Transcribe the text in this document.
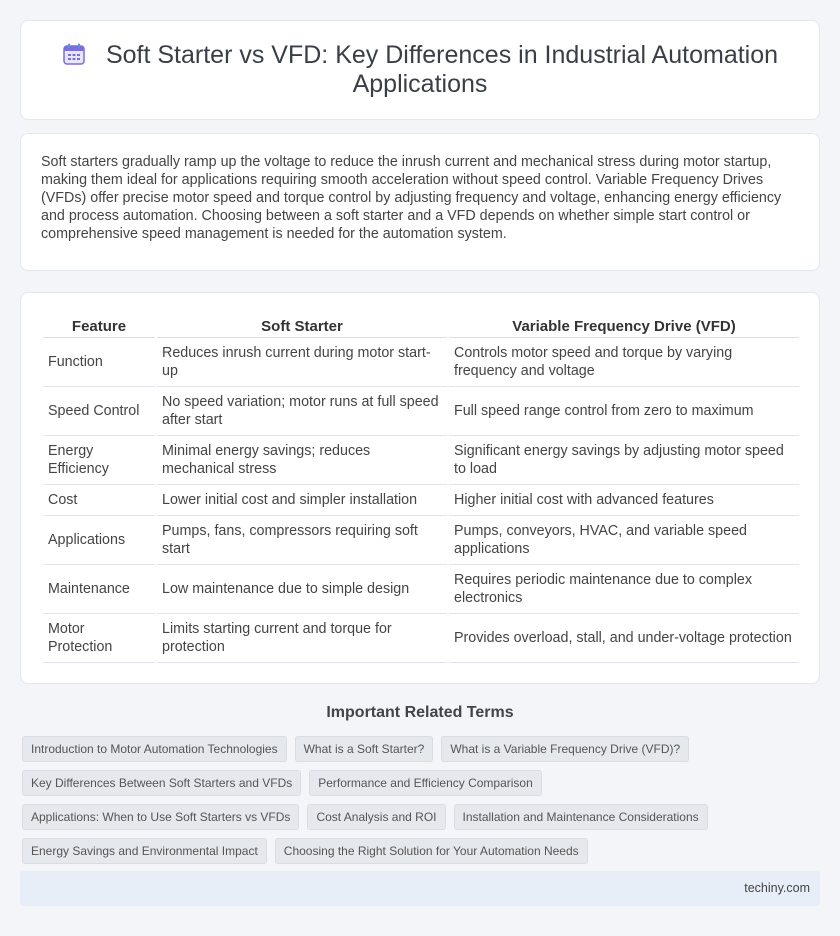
Soft Starter vs VFD: Key Differences in Industrial Automation Applications

Soft starters gradually ramp up the voltage to reduce the inrush current and mechanical stress during motor startup, making them ideal for applications requiring smooth acceleration without speed control. Variable Frequency Drives (VFDs) offer precise motor speed and torque control by adjusting frequency and voltage, enhancing energy efficiency and process automation. Choosing between a soft starter and a VFD depends on whether simple start control or comprehensive speed management is needed for the automation system.

Feature	Soft Starter	Variable Frequency Drive (VFD)
Function	Reduces inrush current during motor start-up	Controls motor speed and torque by varying frequency and voltage
Speed Control	No speed variation; motor runs at full speed after start	Full speed range control from zero to maximum
Energy Efficiency	Minimal energy savings; reduces mechanical stress	Significant energy savings by adjusting motor speed to load
Cost	Lower initial cost and simpler installation	Higher initial cost with advanced features
Applications	Pumps, fans, compressors requiring soft start	Pumps, conveyors, HVAC, and variable speed applications
Maintenance	Low maintenance due to simple design	Requires periodic maintenance due to complex electronics
Motor Protection	Limits starting current and torque for protection	Provides overload, stall, and under-voltage protection
Important Related Terms
Introduction to Motor Automation Technologies	What is a Soft Starter?	What is a Variable Frequency Drive (VFD)?
Key Differences Between Soft Starters and VFDs	Performance and Efficiency Comparison
Applications: When to Use Soft Starters vs VFDs	Cost Analysis and ROI	Installation and Maintenance Considerations
Energy Savings and Environmental Impact	Choosing the Right Solution for Your Automation Needs
techiny.com
